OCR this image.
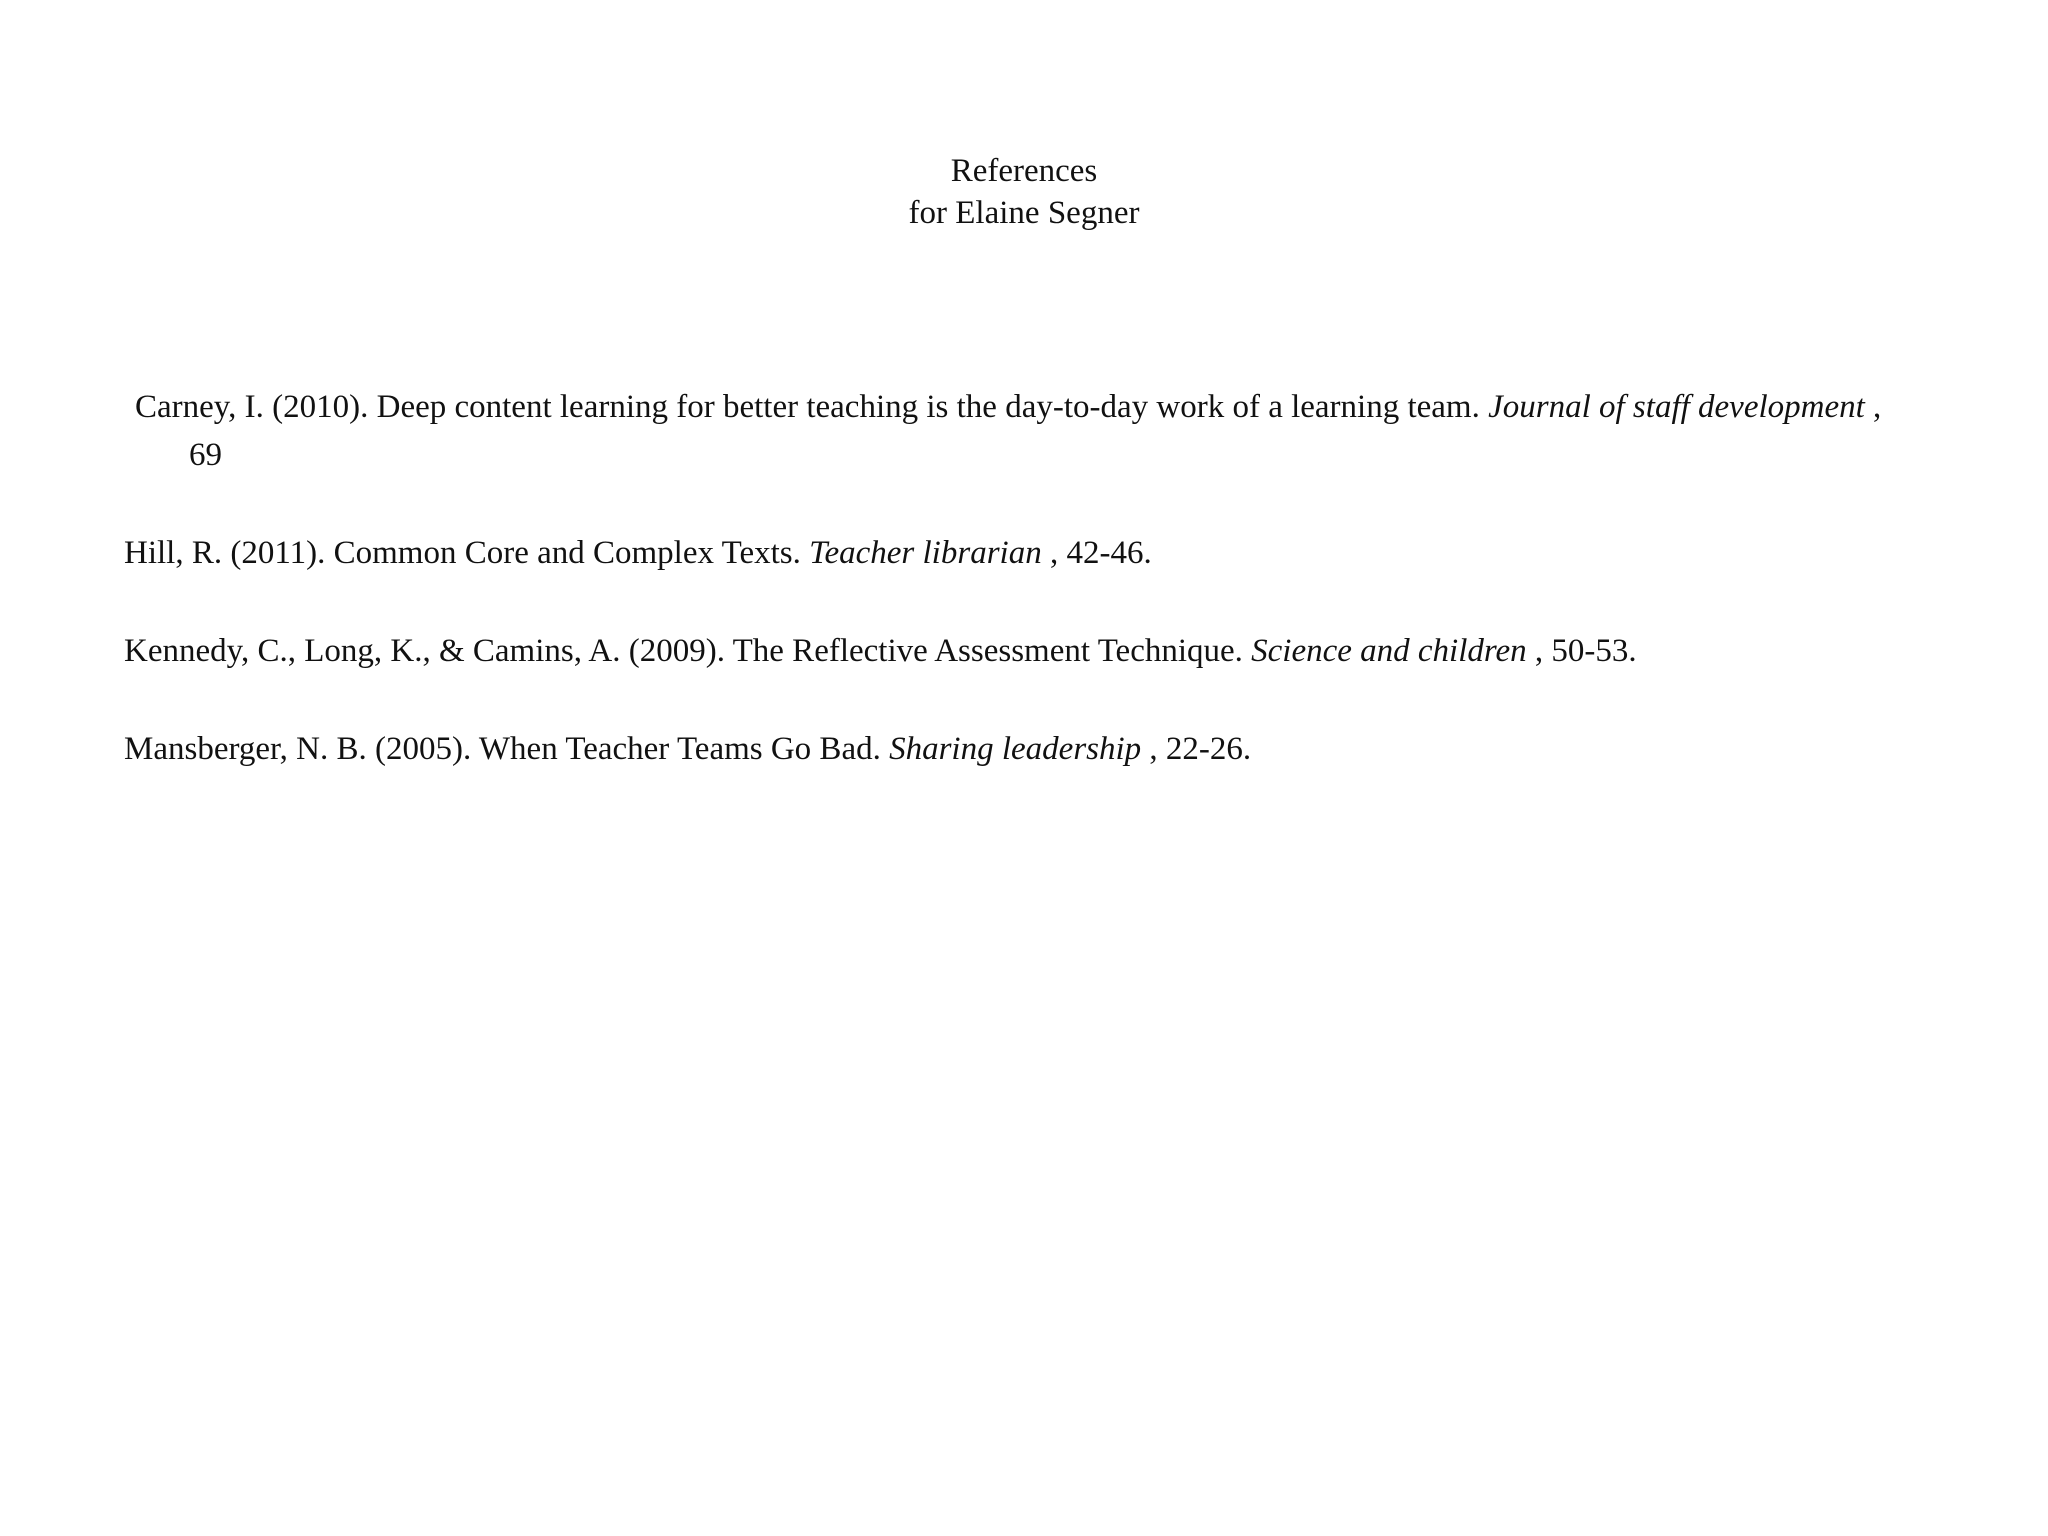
References
for Elaine Segner
Carney, I. (2010). Deep content learning for better teaching is the day-to-day work of a learning team. Journal of staff development , 69
Hill, R. (2011). Common Core and Complex Texts. Teacher librarian , 42-46.
Kennedy, C., Long, K., & Camins, A. (2009). The Reflective Assessment Technique. Science and children , 50-53.
Mansberger, N. B. (2005). When Teacher Teams Go Bad. Sharing leadership , 22-26.
